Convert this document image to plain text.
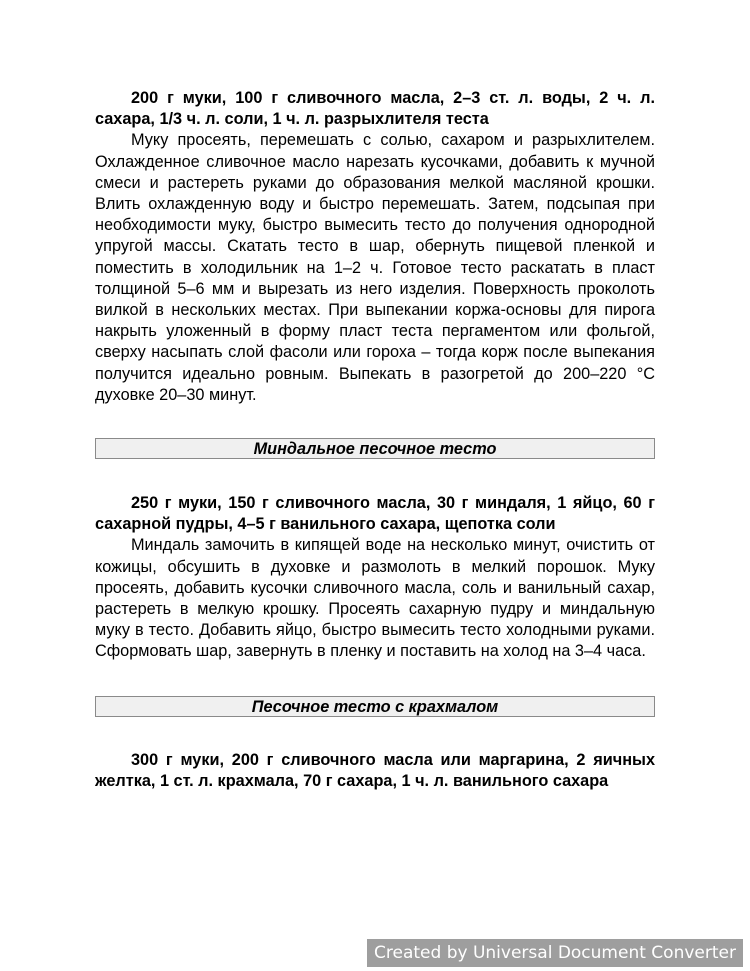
200 г муки, 100 г сливочного масла, 2–3 ст. л. воды, 2 ч. л. сахара, 1/3 ч. л. соли, 1 ч. л. разрыхлителя теста

Муку просеять, перемешать с солью, сахаром и разрыхлителем. Охлажденное сливочное масло нарезать кусочками, добавить к мучной смеси и растереть руками до образования мелкой масляной крошки. Влить охлажденную воду и быстро перемешать. Затем, подсыпая при необходимости муку, быстро вымесить тесто до получения однородной упругой массы. Скатать тесто в шар, обернуть пищевой пленкой и поместить в холодильник на 1–2 ч. Готовое тесто раскатать в пласт толщиной 5–6 мм и вырезать из него изделия. Поверхность проколоть вилкой в нескольких местах. При выпекании коржа-основы для пирога накрыть уложенный в форму пласт теста пергаментом или фольгой, сверху насыпать слой фасоли или гороха – тогда корж после выпекания получится идеально ровным. Выпекать в разогретой до 200–220 °С духовке 20–30 минут.

Миндальное песочное тесто

250 г муки, 150 г сливочного масла, 30 г миндаля, 1 яйцо, 60 г сахарной пудры, 4–5 г ванильного сахара, щепотка соли

Миндаль замочить в кипящей воде на несколько минут, очистить от кожицы, обсушить в духовке и размолоть в мелкий порошок. Муку просеять, добавить кусочки сливочного масла, соль и ванильный сахар, растереть в мелкую крошку. Просеять сахарную пудру и миндальную муку в тесто. Добавить яйцо, быстро вымесить тесто холодными руками. Сформовать шар, завернуть в пленку и поставить на холод на 3–4 часа.

Песочное тесто с крахмалом

300 г муки, 200 г сливочного масла или маргарина, 2 яичных желтка, 1 ст. л. крахмала, 70 г сахара, 1 ч. л. ванильного сахара

Created by Universal Document Converter
